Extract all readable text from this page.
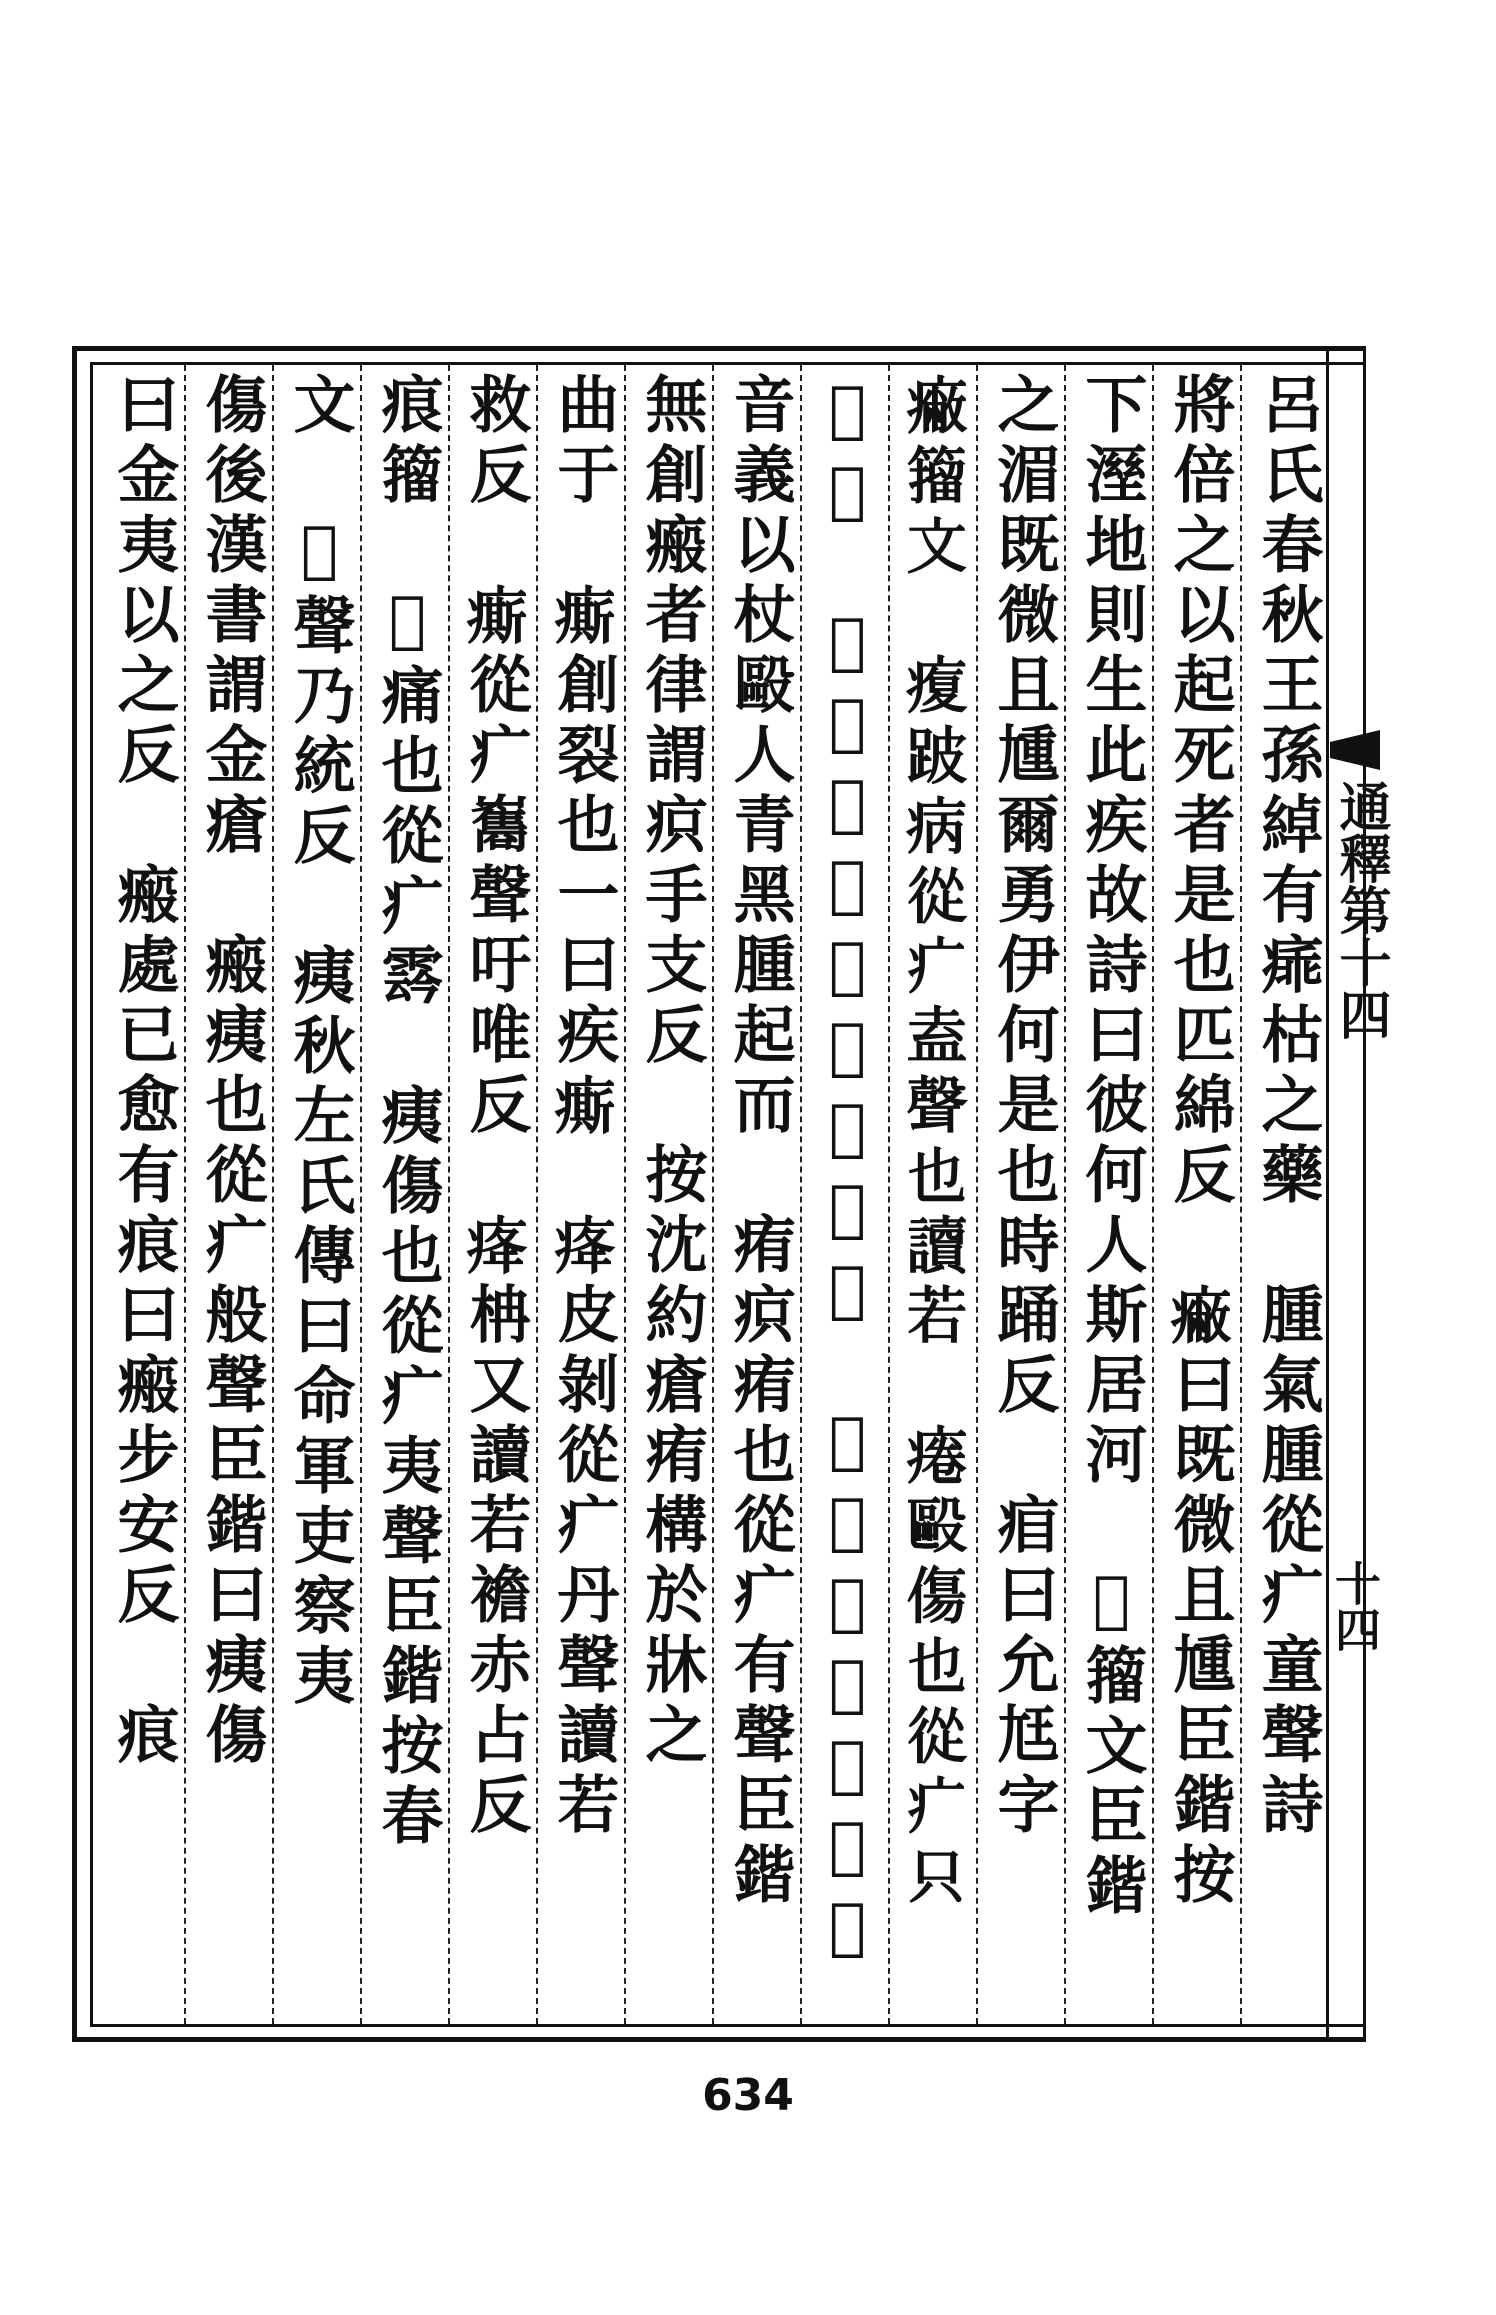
通釋第十四
十四
呂氏春秋王孫綽有㾩枯之藥　腫氣腫從疒童聲詩
將倍之以起死者是也匹綿反　𤺓曰既微且尰臣鍇按
下溼地則生此疾故詩曰彼何人斯居河　𤶻籀文臣鍇
之湄既微且尰爾勇伊何是也時踊反　㾇曰允尪字
𤺓籀文　𤸑跛病從疒盍聲也讀若　𤷄毆傷也從疒只
𤶹字　𤸑脅又讀若掩一盍反　𤷄聲臣鍇按漢書
音義以杖毆人青黑腫起而　痏疻痏也從疒有聲臣鍇
無創瘢者律謂疻手支反　按沈約瘡痏構於牀之
曲于　𤺊創裂也一曰疾𤺊　𤵸皮剝從疒丹聲讀若
救反　𤺊從疒雟聲吁唯反　𤵸柟又讀若襜赤占反
痕籀　𤺣痛也從疒𩃬　痍傷也從疒夷聲臣鍇按春
文　𤺣聲乃統反　痍秋左氏傳曰命軍吏察夷
傷後漢書謂金瘡　瘢痍也從疒般聲臣鍇曰痍傷
曰金夷以之反　瘢處已愈有痕曰瘢步安反　痕
634
